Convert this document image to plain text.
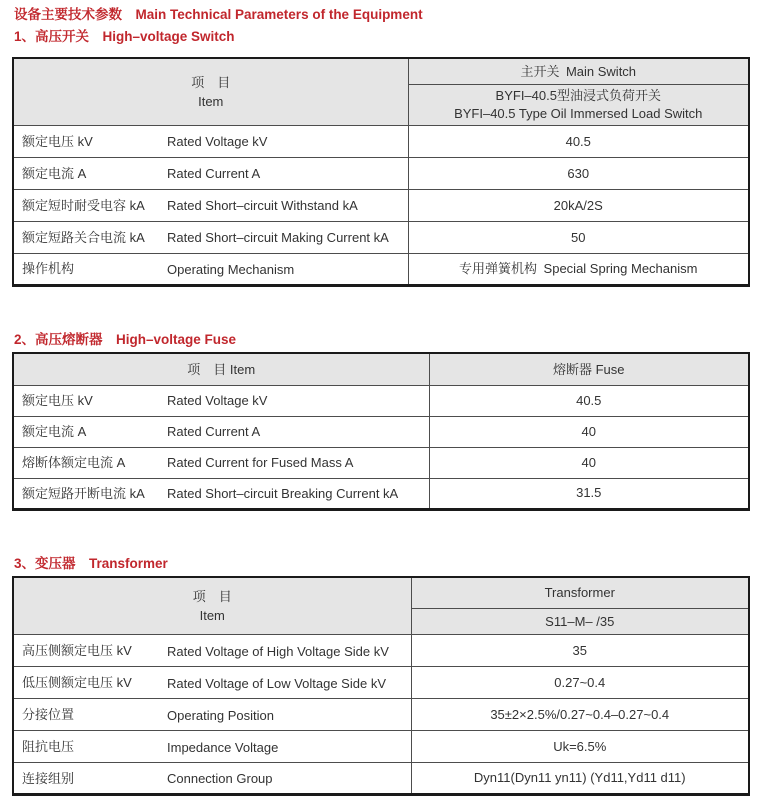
设备主要技术参数　Main Technical Parameters of the Equipment
1、高压开关　High–voltage Switch
项　目
Item	主开关 Main Switch

	BYFI–40.5型油浸式负荷开关
BYFI–40.5 Type Oil Immersed Load Switch

额定电压 kV Rated Voltage kV	40.5
额定电流 A Rated Current A	630
额定短时耐受电容 kA Rated Short–circuit Withstand kA	20kA/2S
额定短路关合电流 kA Rated Short–circuit Making Current kA	50
操作机构 Operating Mechanism	专用弹簧机构 Special Spring Mechanism
2、高压熔断器　High–voltage Fuse
项　目 Item	熔断器 Fuse
额定电压 kV Rated Voltage kV	40.5
额定电流 A Rated Current A	40
熔断体额定电流 A Rated Current for Fused Mass A	40
额定短路开断电流 kA Rated Short–circuit Breaking Current kA	31.5
3、变压器　Transformer
项　目
Item	Transformer
	S11–M– /35
高压侧额定电压 kV Rated Voltage of High Voltage Side kV	35
低压侧额定电压 kV Rated Voltage of Low Voltage Side kV	0.27~0.4
分接位置 Operating Position	35±2×2.5%/0.27~0.4–0.27~0.4
阻抗电压 Impedance Voltage	Uk=6.5%
连接组别 Connection Group	Dyn11(Dyn11 yn11) (Yd11,Yd11 d11)
